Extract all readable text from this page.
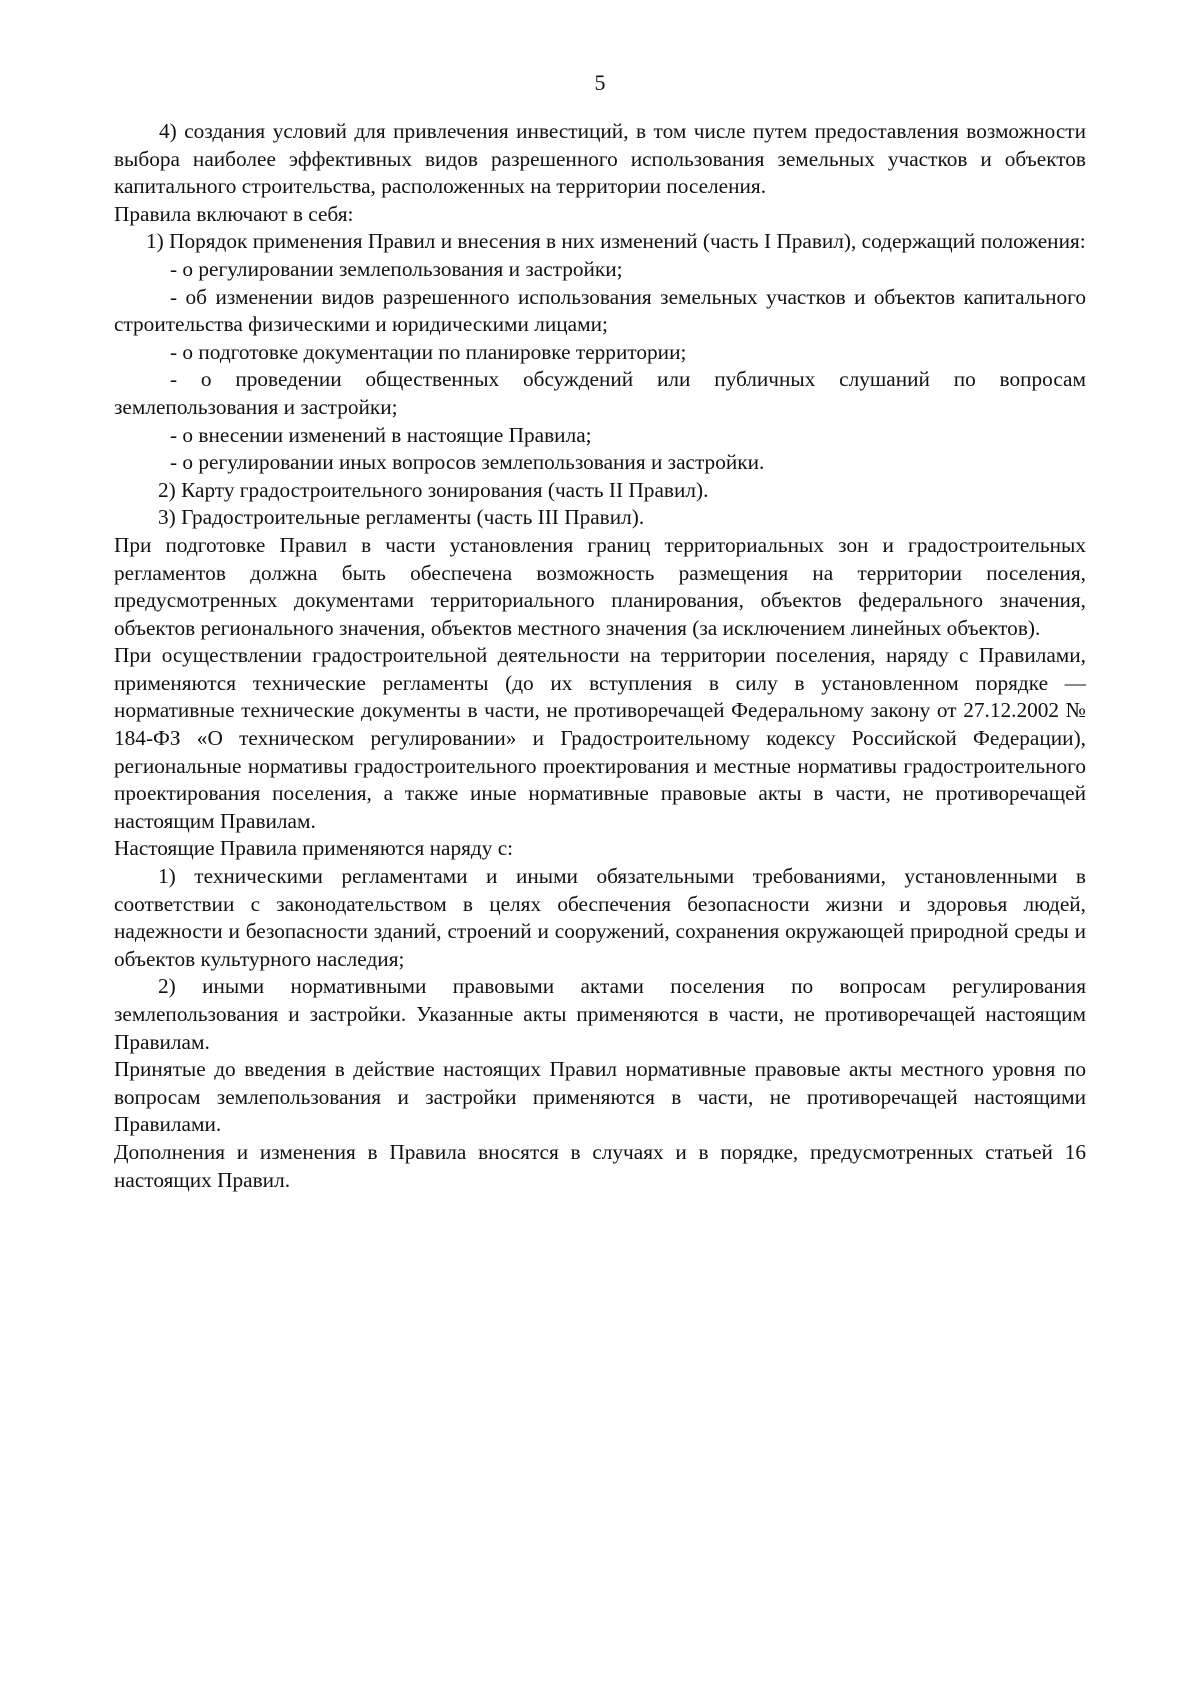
5

4) создания условий для привлечения инвестиций, в том числе путем предоставления возможности выбора наиболее эффективных видов разрешенного использования земельных участков и объектов капитального строительства, расположенных на территории поселения.

Правила включают в себя:

1) Порядок применения Правил и внесения в них изменений (часть I Правил), содержащий положения:

- о регулировании землепользования и застройки;

- об изменении видов разрешенного использования земельных участков и объектов капитального строительства физическими и юридическими лицами;

- о подготовке документации по планировке территории;

- о проведении общественных обсуждений или публичных слушаний по вопросам землепользования и застройки;

- о внесении изменений в настоящие Правила;

- о регулировании иных вопросов землепользования и застройки.

2) Карту градостроительного зонирования (часть II Правил).

3) Градостроительные регламенты (часть III Правил).

При подготовке Правил в части установления границ территориальных зон и градостроительных регламентов должна быть обеспечена возможность размещения на территории поселения, предусмотренных документами территориального планирования, объектов федерального значения, объектов регионального значения, объектов местного значения (за исключением линейных объектов).

При осуществлении градостроительной деятельности на территории поселения, наряду с Правилами, применяются технические регламенты (до их вступления в силу в установленном порядке — нормативные технические документы в части, не противоречащей Федеральному закону от 27.12.2002 № 184-ФЗ «О техническом регулировании» и Градостроительному кодексу Российской Федерации), региональные нормативы градостроительного проектирования и местные нормативы градостроительного проектирования поселения, а также иные нормативные правовые акты в части, не противоречащей настоящим Правилам.

Настоящие Правила применяются наряду с:

1) техническими регламентами и иными обязательными требованиями, установленными в соответствии с законодательством в целях обеспечения безопасности жизни и здоровья людей, надежности и безопасности зданий, строений и сооружений, сохранения окружающей природной среды и объектов культурного наследия;

2) иными нормативными правовыми актами поселения по вопросам регулирования землепользования и застройки. Указанные акты применяются в части, не противоречащей настоящим Правилам.

Принятые до введения в действие настоящих Правил нормативные правовые акты местного уровня по вопросам землепользования и застройки применяются в части, не противоречащей настоящими Правилами.

Дополнения и изменения в Правила вносятся в случаях и в порядке, предусмотренных статьей 16 настоящих Правил.
